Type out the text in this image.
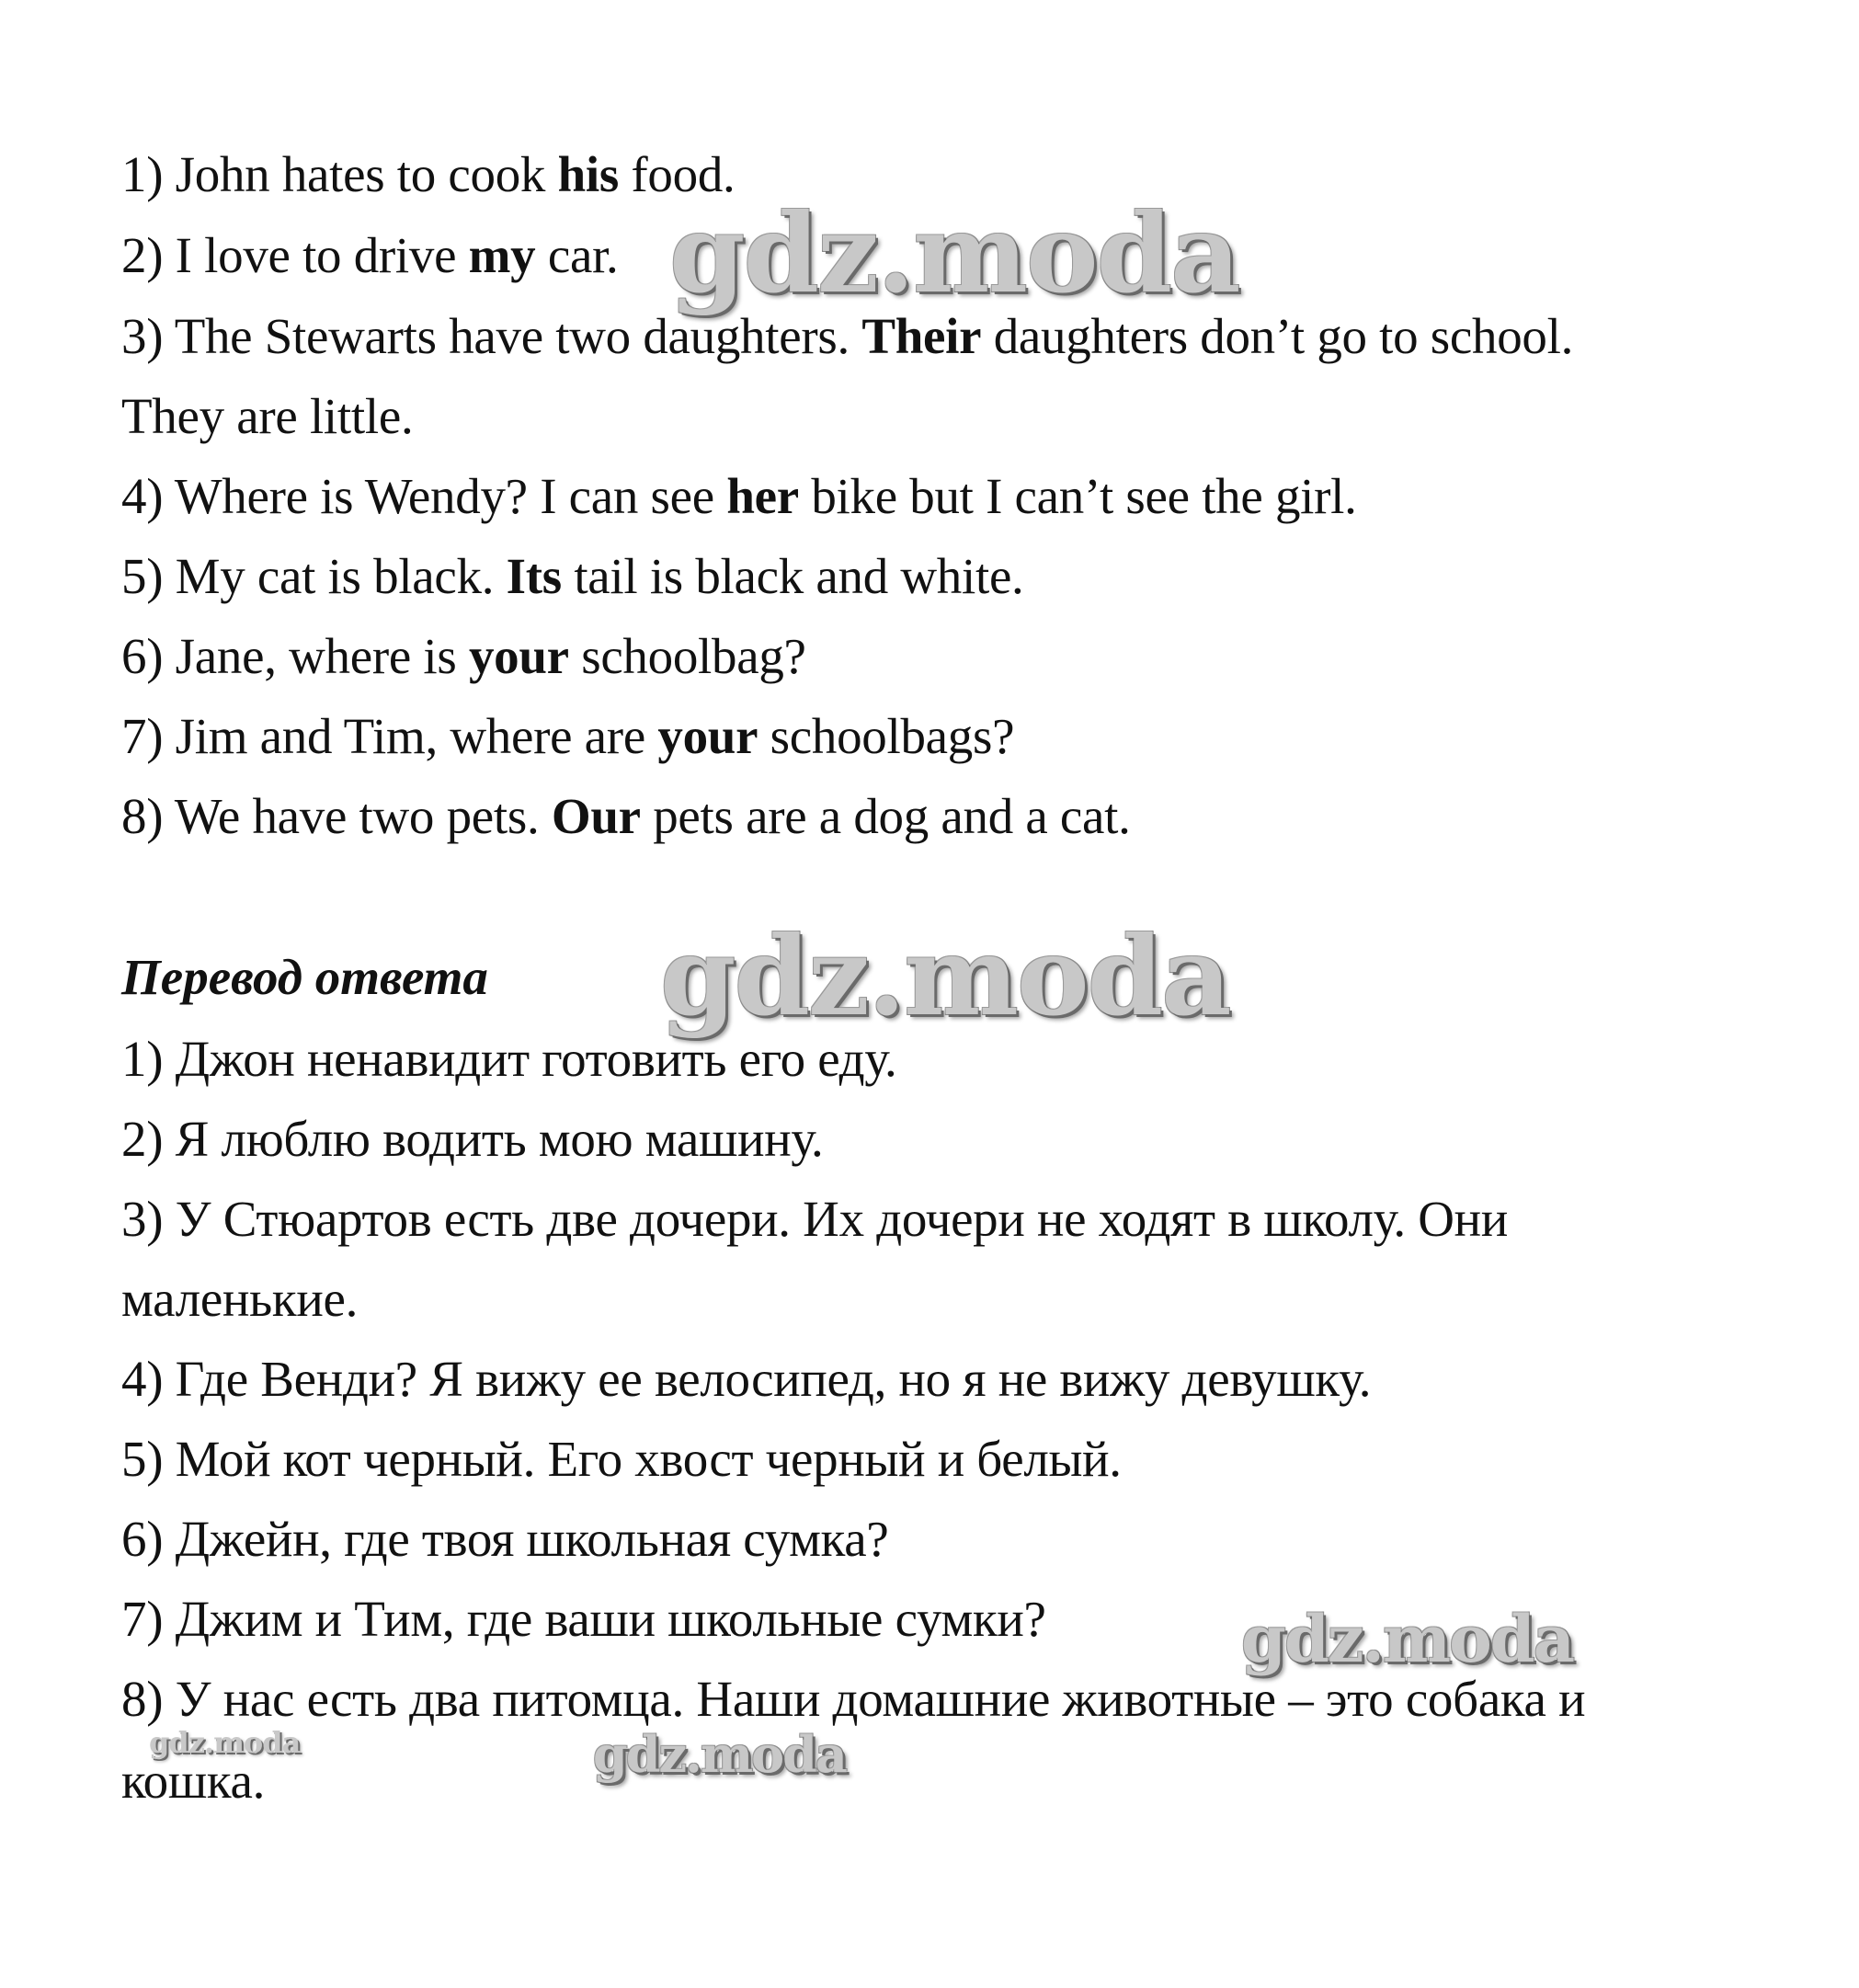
1) John hates to cook his food.
2) I love to drive my car.
3) The Stewarts have two daughters. Their daughters don’t go to school.
They are little.
4) Where is Wendy? I can see her bike but I can’t see the girl.
5) My cat is black. Its tail is black and white.
6) Jane, where is your schoolbag?
7) Jim and Tim, where are your schoolbags?
8) We have two pets. Our pets are a dog and a cat.
Перевод ответа
1) Джон ненавидит готовить его еду.
2) Я люблю водить мою машину.
3) У Стюартов есть две дочери. Их дочери не ходят в школу. Они
маленькие.
4) Где Венди? Я вижу ее велосипед, но я не вижу девушку.
5) Мой кот черный. Его хвост черный и белый.
6) Джейн, где твоя школьная сумка?
7) Джим и Тим, где ваши школьные сумки?
8) У нас есть два питомца. Наши домашние животные – это собака и
кошка.
gdz.moda
gdz.moda
gdz.moda
gdz.moda
gdz.moda
